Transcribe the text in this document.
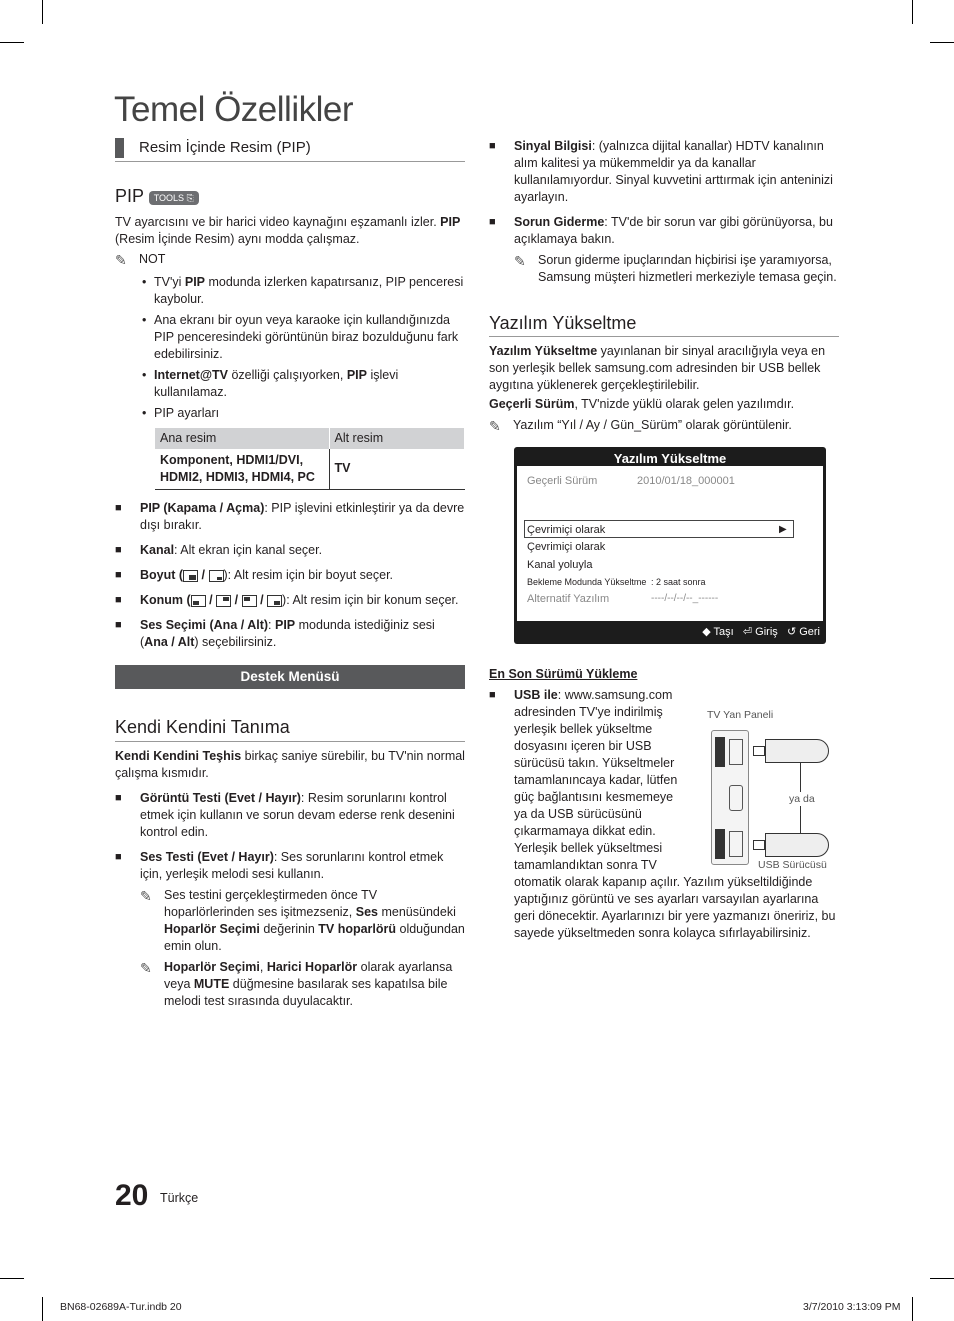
Temel Özellikler
Resim İçinde Resim (PIP)
PIP TOOLS ⎘

TV ayarcısını ve bir harici video kaynağını eşzamanlı izler. PIP (Resim İçinde Resim) aynı modda çalışmaz.

✎ NOT
• TV'yi PIP modunda izlerken kapatırsanız, PIP penceresi kaybolur.
• Ana ekranı bir oyun veya karaoke için kullandığınızda PIP penceresindeki görüntünün biraz bozulduğunu fark edebilirsiniz.
• Internet@TV özelliği çalışıyorken, PIP işlevi kullanılamaz.
• PIP ayarları
Ana resim	Alt resim
Komponent, HDMI1/DVI, HDMI2, HDMI3, HDMI4, PC	TV
■	PIP (Kapama / Açma): PIP işlevini etkinleştirir ya da devre dışı bırakır.
■	Kanal: Alt ekran için kanal seçer.
■	Boyut ( / ): Alt resim için bir boyut seçer.
■	Konum ( / / / ): Alt resim için bir konum seçer.
■	Ses Seçimi (Ana / Alt): PIP modunda istediğiniz sesi (Ana / Alt) seçebilirsiniz.
Destek Menüsü
Kendi Kendini Tanıma

Kendi Kendini Teşhis birkaç saniye sürebilir, bu TV'nin normal çalışma kısmıdır.

■	Görüntü Testi (Evet / Hayır): Resim sorunlarını kontrol etmek için kullanın ve sorun devam ederse renk desenini kontrol edin.
■	Ses Testi (Evet / Hayır): Ses sorunlarını kontrol etmek için, yerleşik melodi sesi kullanın.
✎ Ses testini gerçekleştirmeden önce TV hoparlörlerinden ses işitmezseniz, Ses menüsündeki Hoparlör Seçimi değerinin TV hoparlörü olduğundan emin olun.
✎ Hoparlör Seçimi, Harici Hoparlör olarak ayarlansa veya MUTE düğmesine basılarak ses kapatılsa bile melodi test sırasında duyulacaktır.
■	Sinyal Bilgisi: (yalnızca dijital kanallar) HDTV kanalının alım kalitesi ya mükemmeldir ya da kanallar kullanılamıyordur. Sinyal kuvvetini arttırmak için anteninizi ayarlayın.
■	Sorun Giderme: TV'de bir sorun var gibi görünüyorsa, bu açıklamaya bakın.
✎ Sorun giderme ipuçlarından hiçbirisi işe yaramıyorsa, Samsung müşteri hizmetleri merkeziyle temasa geçin.
Yazılım Yükseltme

Yazılım Yükseltme yayınlanan bir sinyal aracılığıyla veya en son yerleşik bellek samsung.com adresinden bir USB bellek aygıtına yüklenerek gerçekleştirilebilir.

Geçerli Sürüm, TV'nizde yüklü olarak gelen yazılımdır.

✎ Yazılım “Yıl / Ay / Gün_Sürüm” olarak görüntülenir.
Yazılım Yükseltme
Geçerli Sürüm	2010/01/18_000001
Çevrimiçi olarak	▶
Çevrimiçi olarak
Kanal yoluyla
Bekleme Modunda Yükseltme : 2 saat sonra
Alternatif Yazılım	----/--/--/--_------
◆ Taşı ⏎ Giriş ↺ Geri

En Son Sürümü Yükleme

■	USB ile: www.samsung.com adresinden TV'ye indirilmiş yerleşik bellek yükseltme dosyasını içeren bir USB sürücüsü takın. Yükseltmeler tamamlanıncaya kadar, lütfen güç bağlantısını kesmemeye ya da USB sürücüsünü çıkarmamaya dikkat edin. Yerleşik bellek yükseltmesi tamamlandıktan sonra TV

otomatik olarak kapanıp açılır. Yazılım yükseltildiğinde yaptığınız görüntü ve ses ayarları varsayılan ayarlarına geri dönecektir. Ayarlarınızı bir yere yazmanızı öneririz, bu sayede yükseltmeden sonra kolayca sıfırlayabilirsiniz.

TV Yan Paneli
ya da
USB Sürücüsü
20 Türkçe
BN68-02689A-Tur.indb 20	3/7/2010 3:13:09 PM
